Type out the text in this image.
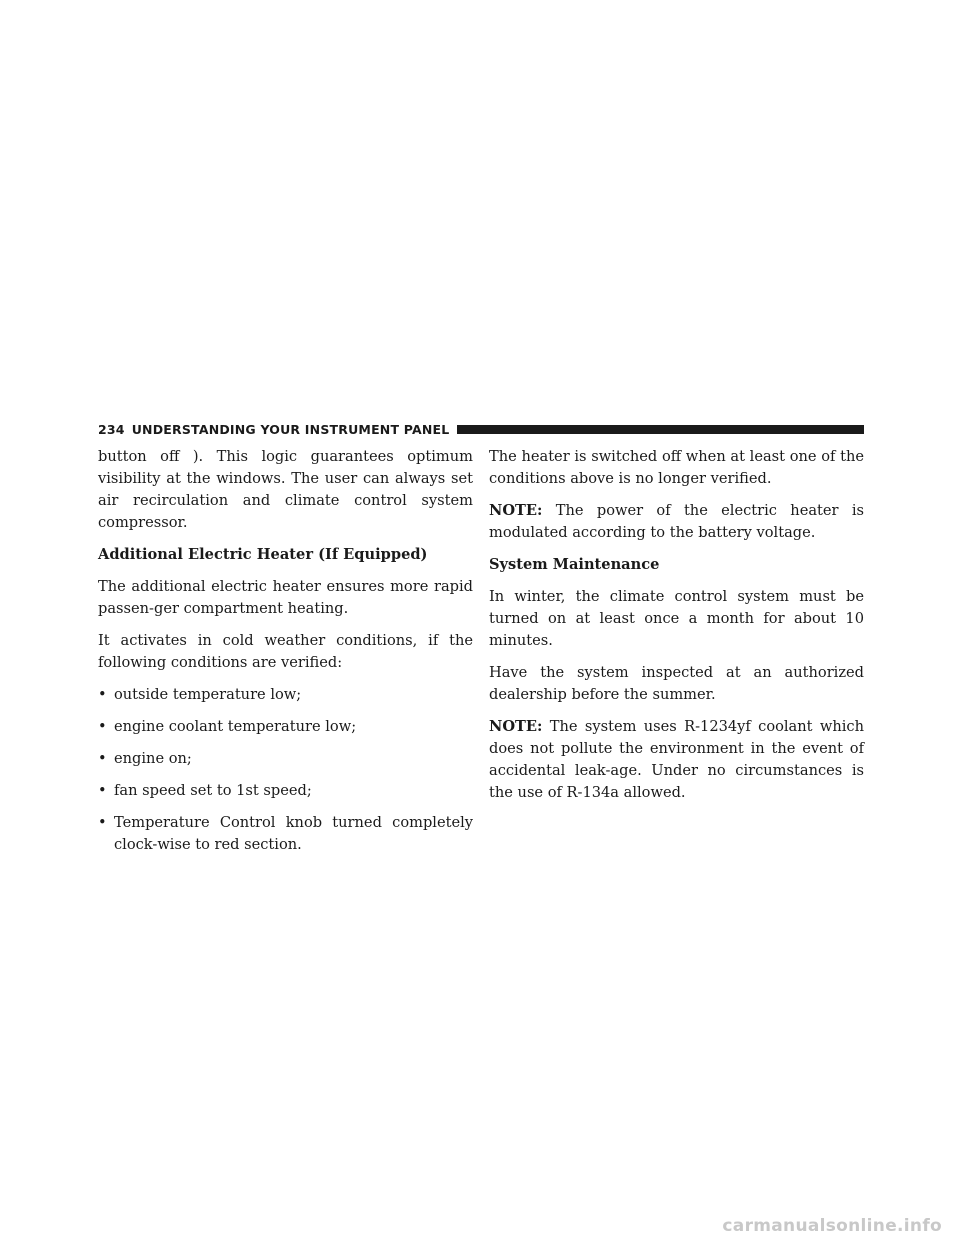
234 UNDERSTANDING YOUR INSTRUMENT PANEL

button off ). This logic guarantees optimum visibility at the windows. The user can always set air recirculation and climate control system compressor.

Additional Electric Heater (If Equipped)

The additional electric heater ensures more rapid passen-ger compartment heating.

It activates in cold weather conditions, if the following conditions are verified:

• outside temperature low;
• engine coolant temperature low;
• engine on;
• fan speed set to 1st speed;
• Temperature Control knob turned completely clock-wise to red section.

The heater is switched off when at least one of the conditions above is no longer verified.

NOTE: The power of the electric heater is modulated according to the battery voltage.

System Maintenance

In winter, the climate control system must be turned on at least once a month for about 10 minutes.

Have the system inspected at an authorized dealership before the summer.

NOTE: The system uses R-1234yf coolant which does not pollute the environment in the event of accidental leak-age. Under no circumstances is the use of R-134a allowed.

carmanualsonline.info
